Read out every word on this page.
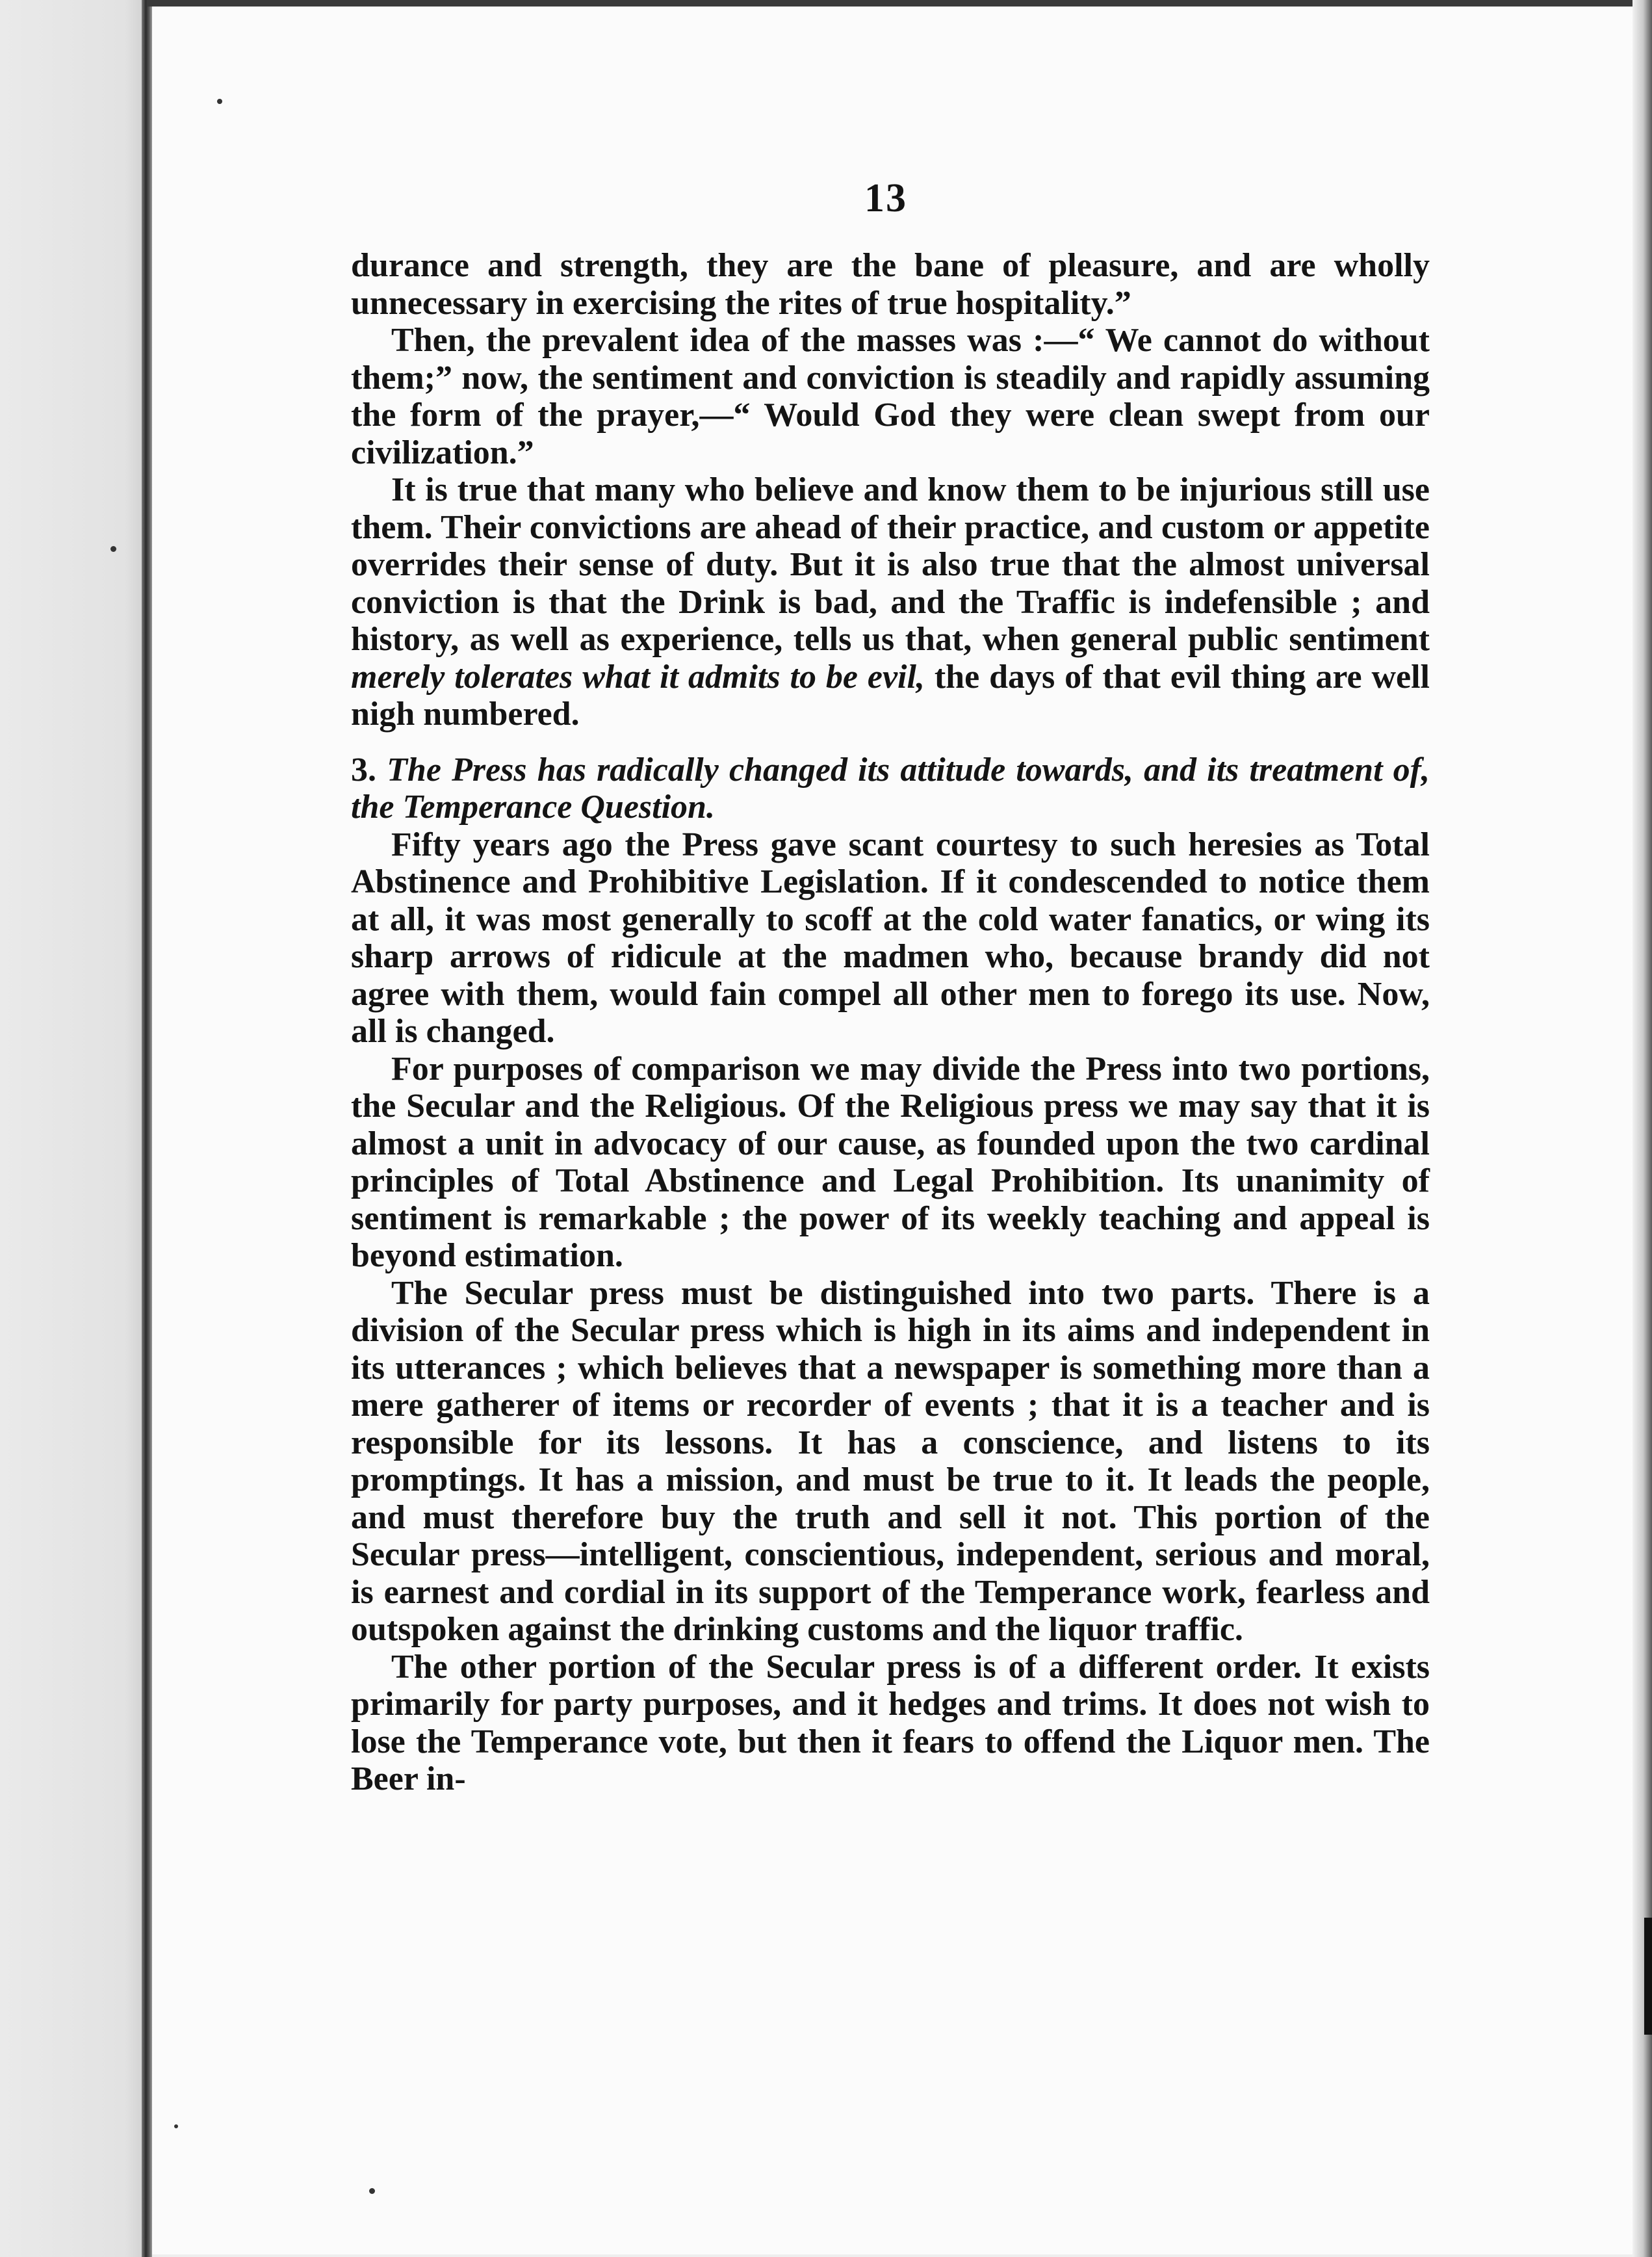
13

durance and strength, they are the bane of pleasure, and are wholly unnecessary in exercising the rites of true hospitality.”

Then, the prevalent idea of the masses was :—“ We cannot do without them;” now, the sentiment and conviction is steadily and rapidly assuming the form of the prayer,—“ Would God they were clean swept from our civilization.”

It is true that many who believe and know them to be injurious still use them. Their convictions are ahead of their practice, and custom or appetite overrides their sense of duty. But it is also true that the almost universal conviction is that the Drink is bad, and the Traffic is indefensible ; and history, as well as experience, tells us that, when general public sentiment merely tolerates what it admits to be evil, the days of that evil thing are well nigh numbered.

3. The Press has radically changed its attitude towards, and its treatment of, the Temperance Question.

Fifty years ago the Press gave scant courtesy to such heresies as Total Abstinence and Prohibitive Legislation. If it condescended to notice them at all, it was most generally to scoff at the cold water fanatics, or wing its sharp arrows of ridicule at the madmen who, because brandy did not agree with them, would fain compel all other men to forego its use. Now, all is changed.

For purposes of comparison we may divide the Press into two portions, the Secular and the Religious. Of the Religious press we may say that it is almost a unit in advocacy of our cause, as founded upon the two cardinal principles of Total Abstinence and Legal Prohibition. Its unanimity of sentiment is remarkable ; the power of its weekly teaching and appeal is beyond estimation.

The Secular press must be distinguished into two parts. There is a division of the Secular press which is high in its aims and independent in its utterances ; which believes that a newspaper is something more than a mere gatherer of items or recorder of events ; that it is a teacher and is responsible for its lessons. It has a conscience, and listens to its promptings. It has a mission, and must be true to it. It leads the people, and must therefore buy the truth and sell it not. This portion of the Secular press—intelligent, conscientious, independent, serious and moral, is earnest and cordial in its support of the Temperance work, fearless and outspoken against the drinking customs and the liquor traffic.

The other portion of the Secular press is of a different order. It exists primarily for party purposes, and it hedges and trims. It does not wish to lose the Temperance vote, but then it fears to offend the Liquor men. The Beer in-
